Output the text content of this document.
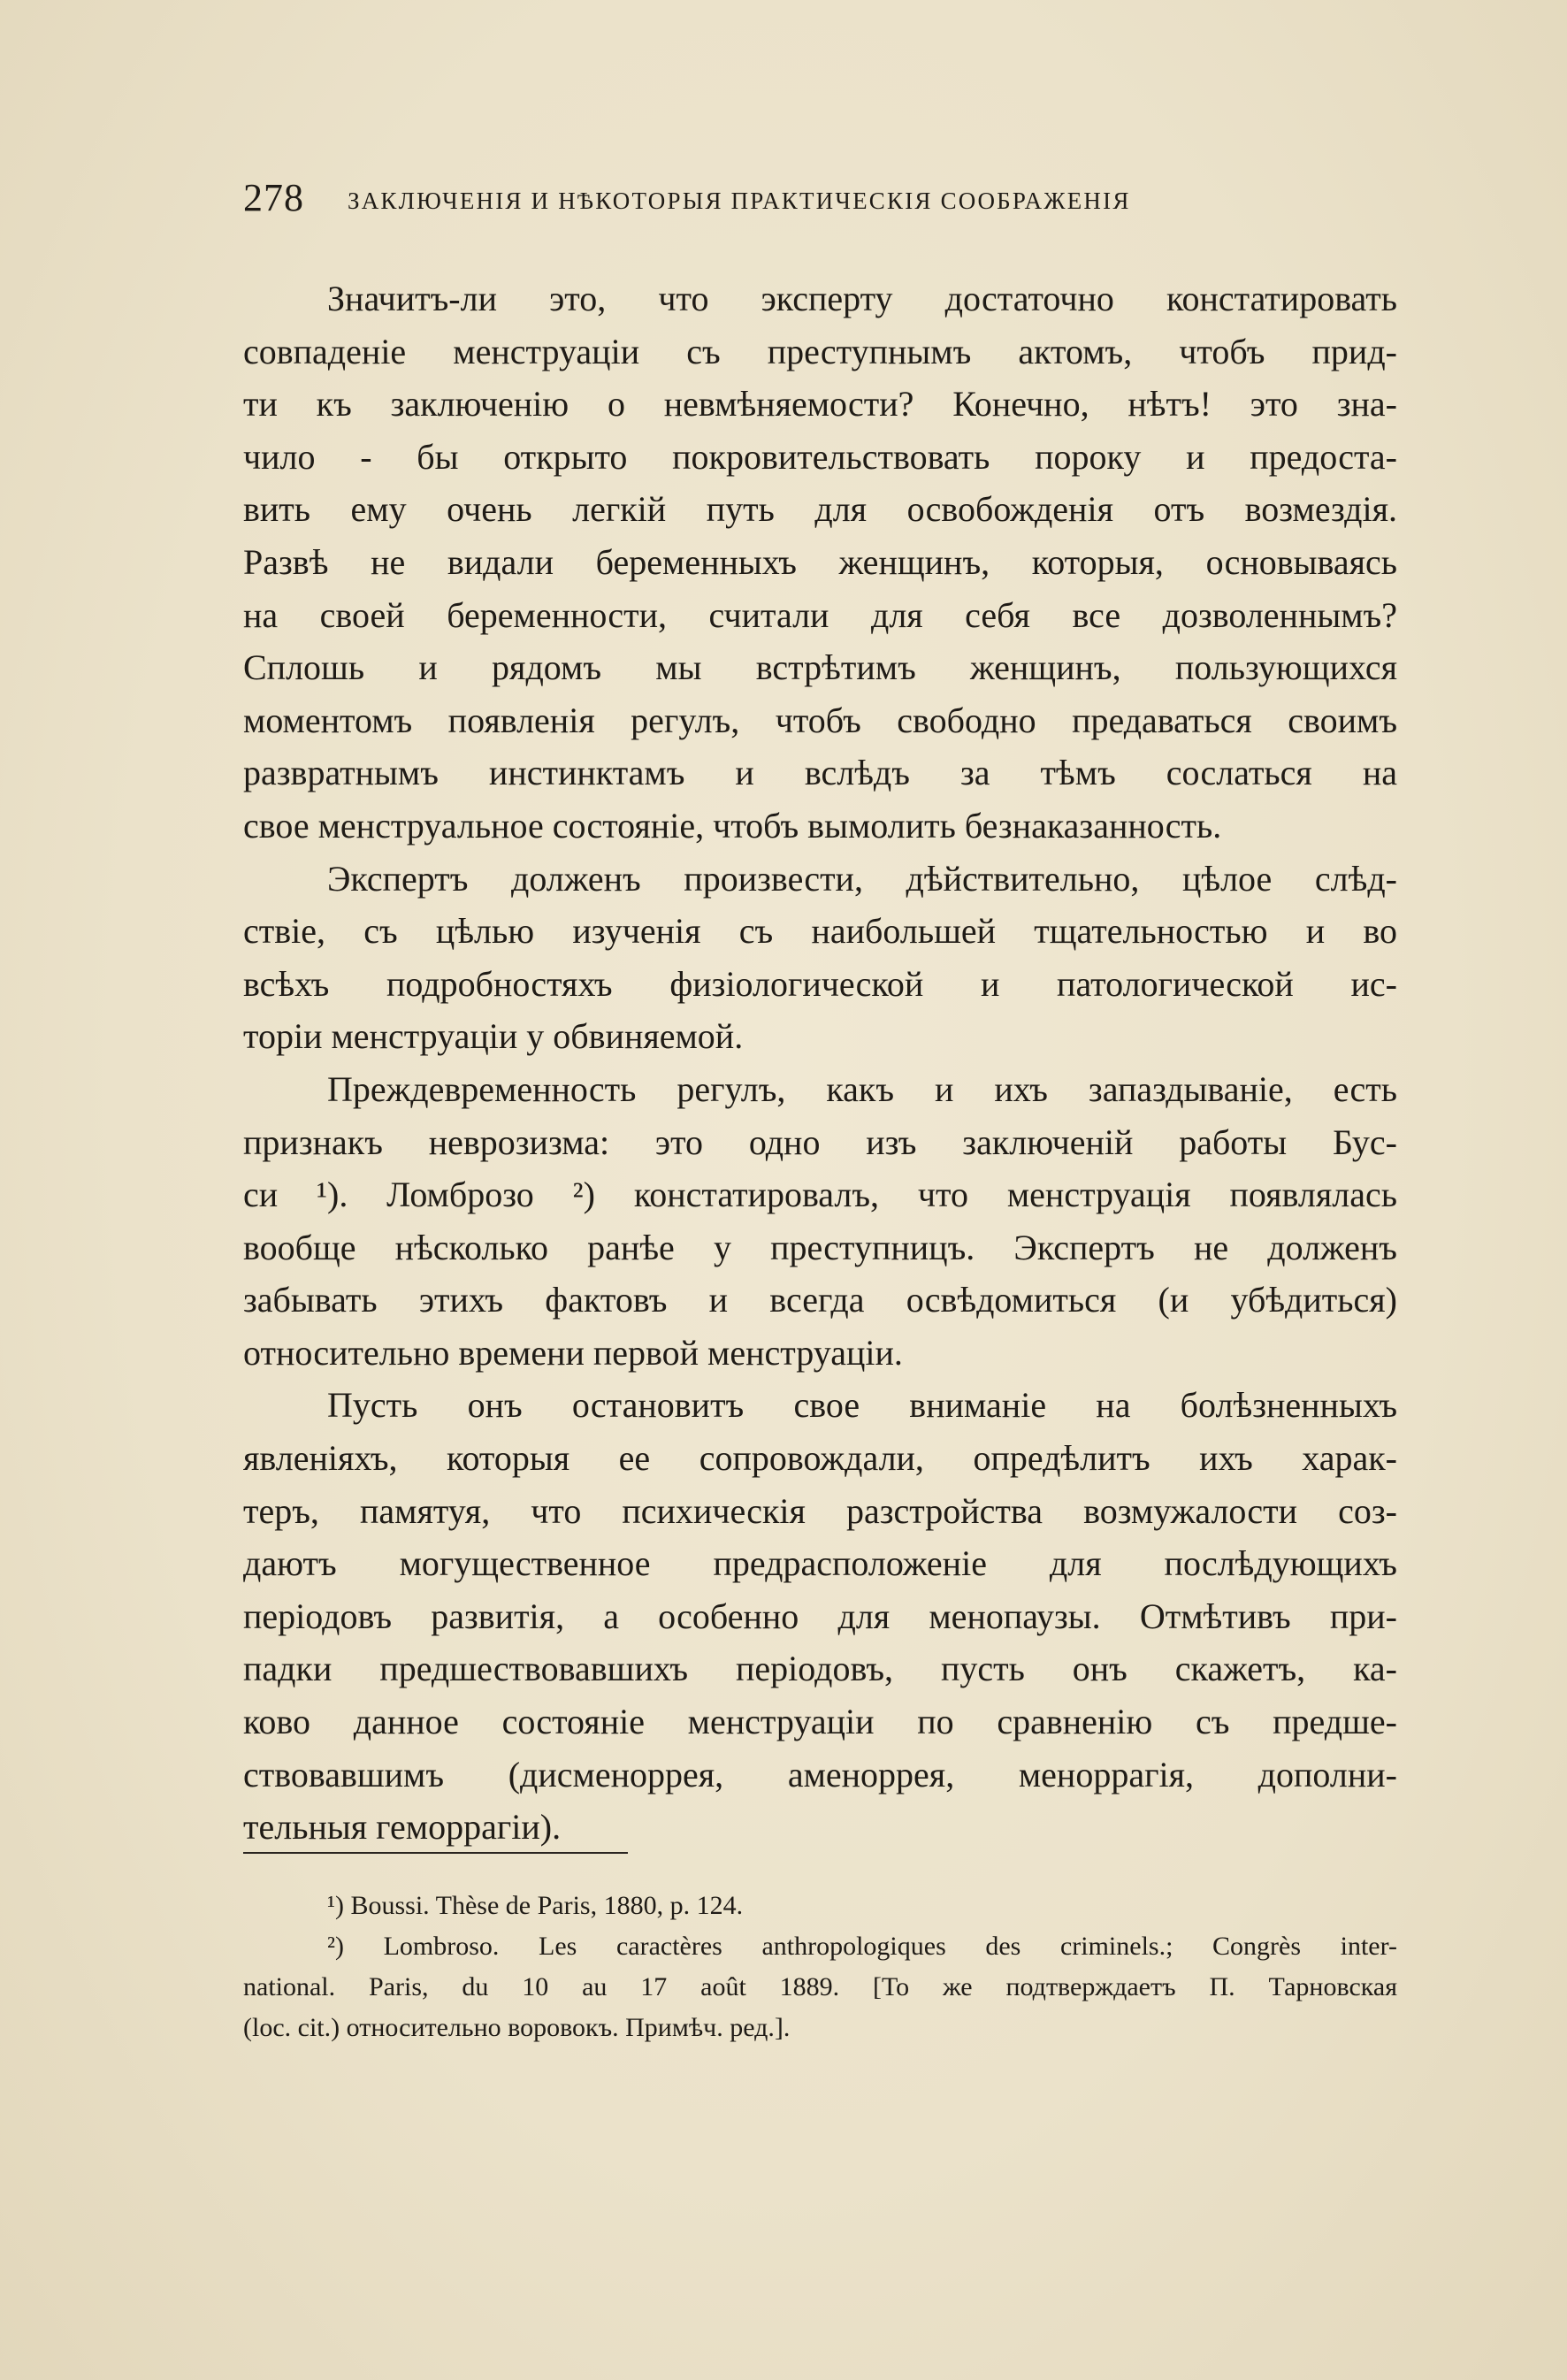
278 ЗАКЛЮЧЕНІЯ И НѢКОТОРЫЯ ПРАКТИЧЕСКІЯ СООБРАЖЕНІЯ
Значитъ-ли это, что эксперту достаточно констатировать
совпаденіе менструаціи съ преступнымъ актомъ, чтобъ прид-
ти къ заключенію о невмѣняемости? Конечно, нѣтъ! это зна-
чило - бы открыто покровительствовать пороку и предоста-
вить ему очень легкій путь для освобожденія отъ возмездія.
Развѣ не видали беременныхъ женщинъ, которыя, основываясь
на своей беременности, считали для себя все дозволеннымъ?
Сплошь и рядомъ мы встрѣтимъ женщинъ, пользующихся
моментомъ появленія регулъ, чтобъ свободно предаваться своимъ
развратнымъ инстинктамъ и вслѣдъ за тѣмъ сослаться на
свое менструальное состояніе, чтобъ вымолить безнаказанность.
Экспертъ долженъ произвести, дѣйствительно, цѣлое слѣд-
ствіе, съ цѣлью изученія съ наибольшей тщательностью и во
всѣхъ подробностяхъ физіологической и патологической ис-
торіи менструаціи у обвиняемой.
Преждевременность регулъ, какъ и ихъ запаздываніе, есть
признакъ неврозизма: это одно изъ заключеній работы Бус-
си ¹). Ломброзо ²) констатировалъ, что менструація появлялась
вообще нѣсколько ранѣе у преступницъ. Экспертъ не долженъ
забывать этихъ фактовъ и всегда освѣдомиться (и убѣдиться)
относительно времени первой менструаціи.
Пусть онъ остановитъ свое вниманіе на болѣзненныхъ
явленіяхъ, которыя ее сопровождали, опредѣлитъ ихъ харак-
теръ, памятуя, что психическія разстройства возмужалости соз-
даютъ могущественное предрасположеніе для послѣдующихъ
періодовъ развитія, а особенно для менопаузы. Отмѣтивъ при-
падки предшествовавшихъ періодовъ, пусть онъ скажетъ, ка-
ково данное состояніе менструаціи по сравненію съ предше-
ствовавшимъ (дисменоррея, аменоррея, меноррагія, дополни-
тельныя геморрагіи).
¹) Boussi. Thèse de Paris, 1880, p. 124.
²) Lombroso. Les caractères anthropologiques des criminels.; Congrès inter-
national. Paris, du 10 au 17 août 1889. [То же подтверждаетъ П. Тарновская
(loc. cit.) относительно воровокъ. Примѣч. ред.].
